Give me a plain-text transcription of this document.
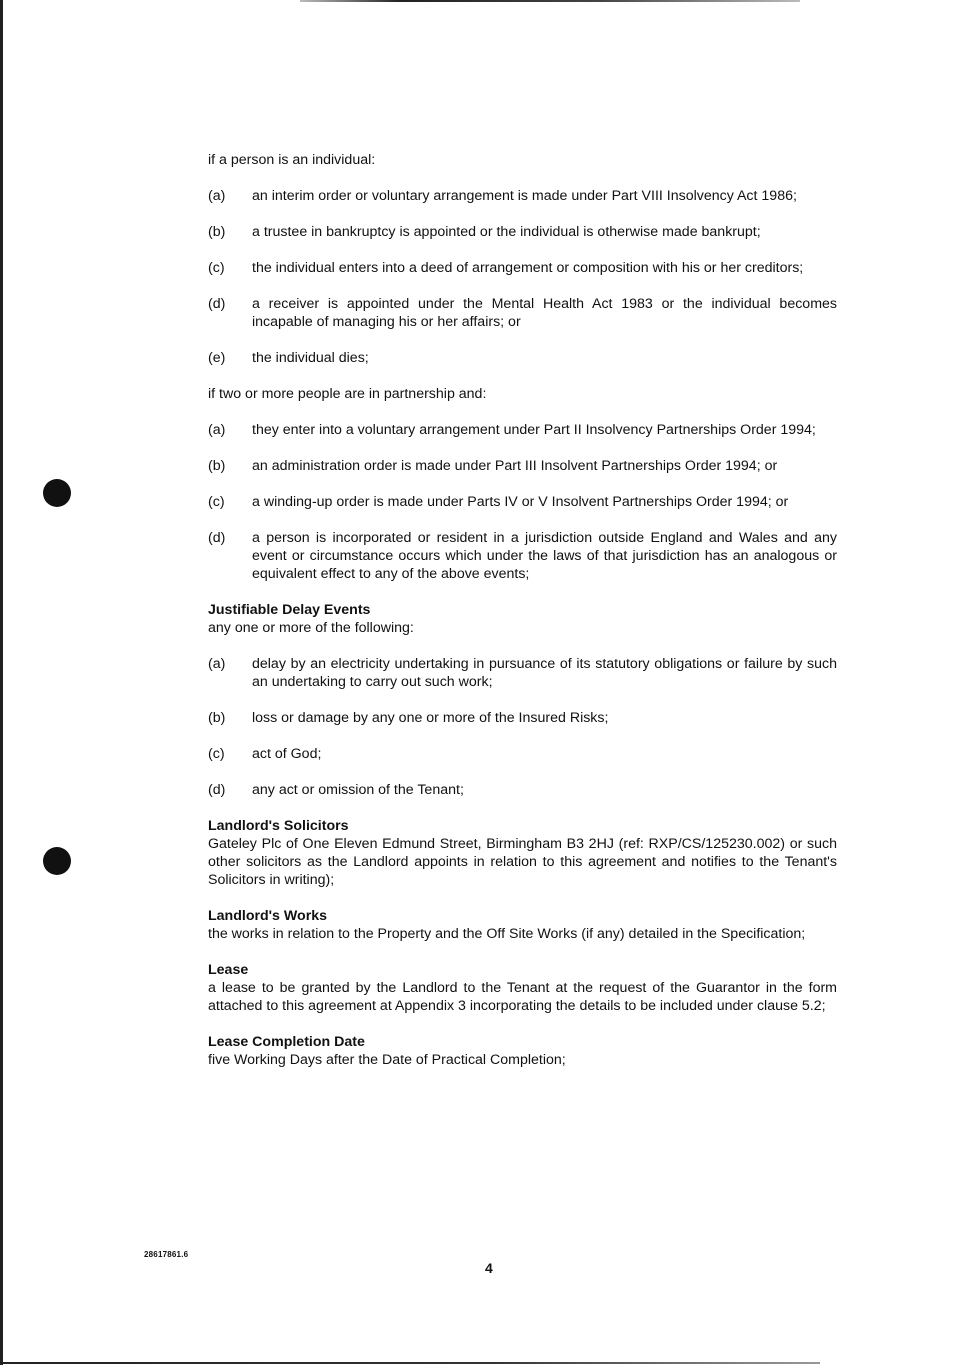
if a person is an individual:

(a)	an interim order or voluntary arrangement is made under Part VIII Insolvency Act 1986;
(b)	a trustee in bankruptcy is appointed or the individual is otherwise made bankrupt;
(c)	the individual enters into a deed of arrangement or composition with his or her creditors;
(d)	a receiver is appointed under the Mental Health Act 1983 or the individual becomes incapable of managing his or her affairs; or
(e)	the individual dies;

if two or more people are in partnership and:

(a)	they enter into a voluntary arrangement under Part II Insolvency Partnerships Order 1994;
(b)	an administration order is made under Part III Insolvent Partnerships Order 1994; or
(c)	a winding-up order is made under Parts IV or V Insolvent Partnerships Order 1994; or
(d)	a person is incorporated or resident in a jurisdiction outside England and Wales and any event or circumstance occurs which under the laws of that jurisdiction has an analogous or equivalent effect to any of the above events;
Justifiable Delay Events
any one or more of the following:
(a)	delay by an electricity undertaking in pursuance of its statutory obligations or failure by such an undertaking to carry out such work;
(b)	loss or damage by any one or more of the Insured Risks;
(c)	act of God;
(d)	any act or omission of the Tenant;
Landlord's Solicitors
Gateley Plc of One Eleven Edmund Street, Birmingham B3 2HJ (ref: RXP/CS/125230.002) or such other solicitors as the Landlord appoints in relation to this agreement and notifies to the Tenant's Solicitors in writing);
Landlord's Works
the works in relation to the Property and the Off Site Works (if any) detailed in the Specification;
Lease
a lease to be granted by the Landlord to the Tenant at the request of the Guarantor in the form attached to this agreement at Appendix 3 incorporating the details to be included under clause 5.2;
Lease Completion Date
five Working Days after the Date of Practical Completion;
28617861.6
4
